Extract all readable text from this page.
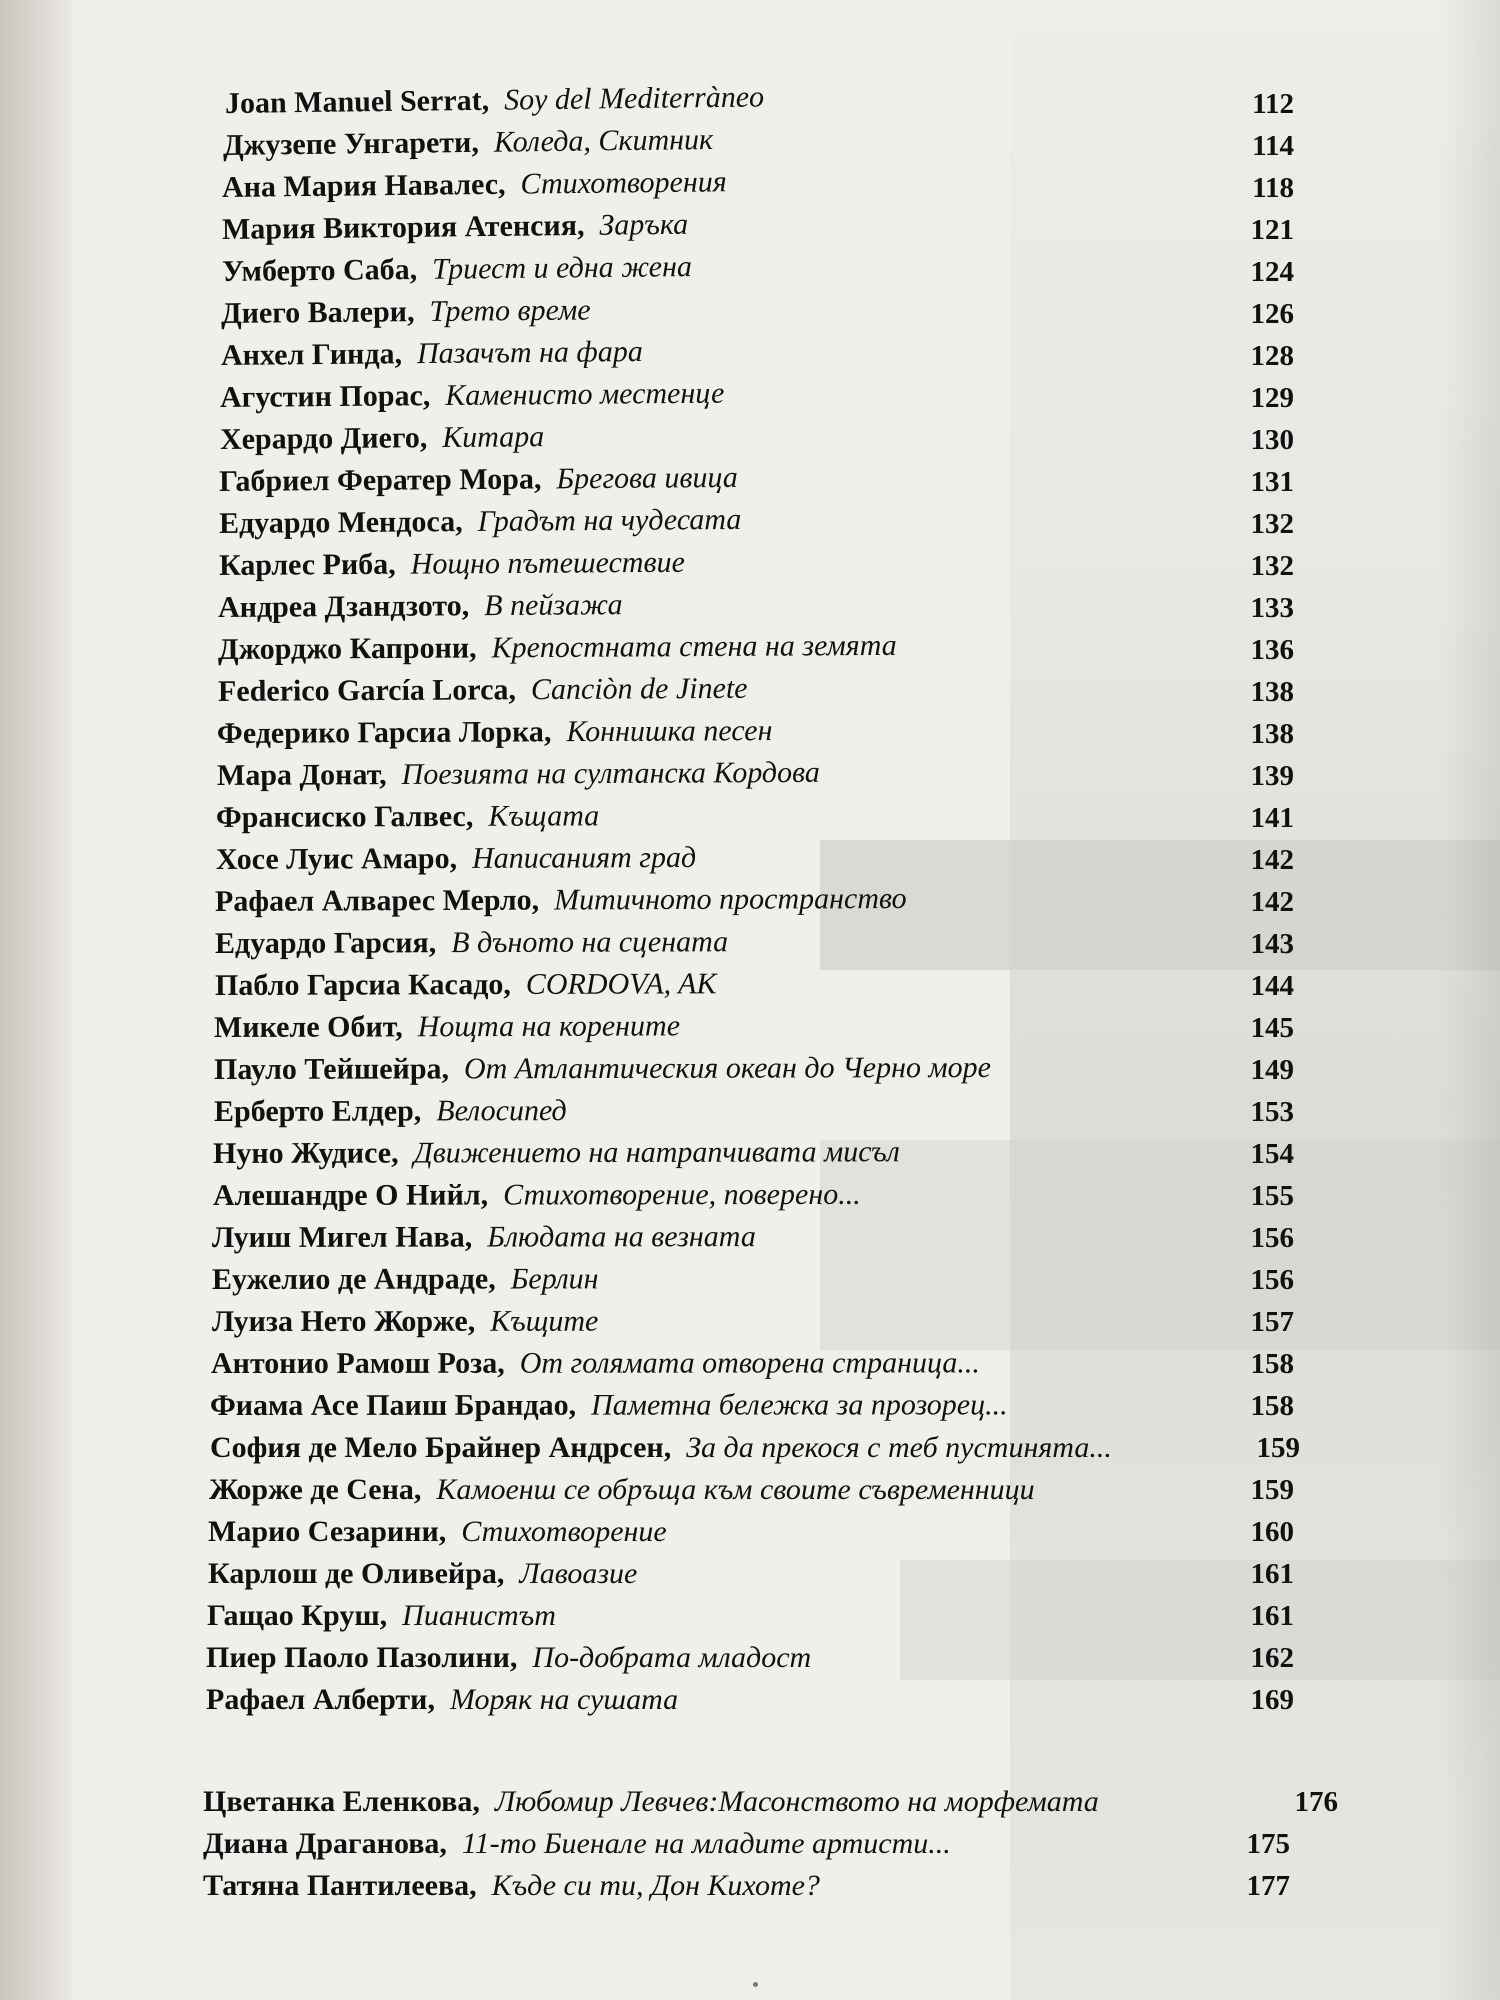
Joan Manuel Serrat, Soy del Mediterràneo	112
Джузепе Унгарети, Коледа, Скитник	114
Ана Мария Навалес, Стихотворения	118
Мария Виктория Атенсия, Заръка	121
Умберто Саба, Триест и една жена	124
Диего Валери, Трето време	126
Анхел Гинда, Пазачът на фара	128
Агустин Порас, Каменисто местенце	129
Херардо Диего, Китара	130
Габриел Фератер Мора, Брегова ивица	131
Едуардо Мендоса, Градът на чудесата	132
Карлес Риба, Нощно пътешествие	132
Андреа Дзандзото, В пейзажа	133
Джорджо Капрони, Крепостната стена на земята	136
Federico García Lorca, Canciòn de Jinete	138
Федерико Гарсиа Лорка, Коннишка песен	138
Мара Донат, Поезията на султанска Кордова	139
Франсиско Галвес, Къщата	141
Хосе Луис Амаро, Написаният град	142
Рафаел Алварес Мерло, Митичното пространство	142
Едуардо Гарсия, В дъното на сцената	143
Пабло Гарсиа Касадо, CORDOVA, AK	144
Микеле Обит, Нощта на корените	145
Пауло Тейшейра, От Атлантическия океан до Черно море	149
Ерберто Елдер, Велосипед	153
Нуно Жудисе, Движението на натрапчивата мисъл	154
Алешандре О Нийл, Стихотворение, поверено...	155
Луиш Мигел Нава, Блюдата на везната	156
Еужелио де Андраде, Берлин	156
Луиза Нето Жорже, Къщите	157
Антонио Рамош Роза, От голямата отворена страница...	158
Фиама Асе Паиш Брандао, Паметна бележка за прозорец...	158
София де Мело Брайнер Андрсен, За да прекося с теб пустинята...	159
Жорже де Сена, Камоенш се обръща към своите съвременници	159
Марио Сезарини, Стихотворение	160
Карлош де Оливейра, Лавоазие	161
Гащао Круш, Пианистът	161
Пиер Паоло Пазолини, По-добрата младост	162
Рафаел Алберти, Моряк на сушата	169
Цветанка Еленкова, Любомир Левчев:Масонството на морфемата	176
Диана Драганова, 11-то Биенале на младите артисти...	175
Татяна Пантилеева, Къде си ти, Дон Кихоте?	177
